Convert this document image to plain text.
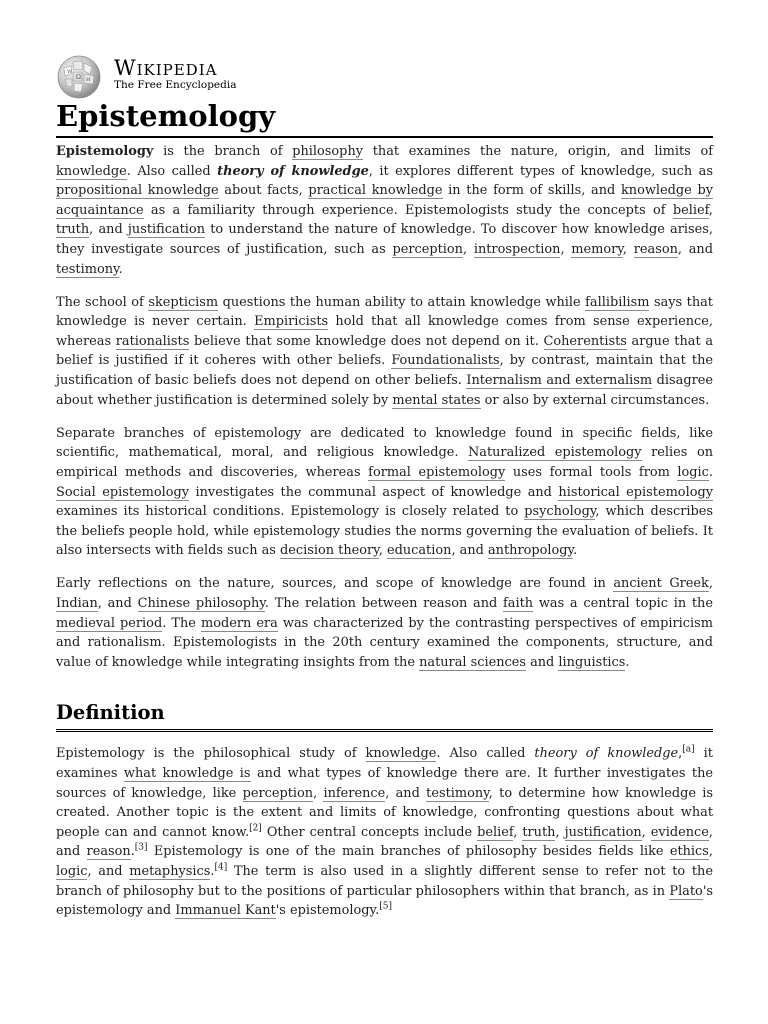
Ω И
W Wikipedia
The Free Encyclopedia
Epistemology

Epistemology is the branch of philosophy that examines the nature, origin, and limits of knowledge. Also called theory of knowledge, it explores different types of knowledge, such as propositional knowledge about facts, practical knowledge in the form of skills, and knowledge by acquaintance as a familiarity through experience. Epistemologists study the concepts of belief, truth, and justification to understand the nature of knowledge. To discover how knowledge arises, they investigate sources of justification, such as perception, introspection, memory, reason, and testimony.

The school of skepticism questions the human ability to attain knowledge while fallibilism says that knowledge is never certain. Empiricists hold that all knowledge comes from sense experience, whereas rationalists believe that some knowledge does not depend on it. Coherentists argue that a belief is justified if it coheres with other beliefs. Foundationalists, by contrast, maintain that the justification of basic beliefs does not depend on other beliefs. Internalism and externalism disagree about whether justification is determined solely by mental states or also by external circumstances.

Separate branches of epistemology are dedicated to knowledge found in specific fields, like scientific, mathematical, moral, and religious knowledge. Naturalized epistemology relies on empirical methods and discoveries, whereas formal epistemology uses formal tools from logic. Social epistemology investigates the communal aspect of knowledge and historical epistemology examines its historical conditions. Epistemology is closely related to psychology, which describes the beliefs people hold, while epistemology studies the norms governing the evaluation of beliefs. It also intersects with fields such as decision theory, education, and anthropology.

Early reflections on the nature, sources, and scope of knowledge are found in ancient Greek, Indian, and Chinese philosophy. The relation between reason and faith was a central topic in the medieval period. The modern era was characterized by the contrasting perspectives of empiricism and rationalism. Epistemologists in the 20th century examined the components, structure, and value of knowledge while integrating insights from the natural sciences and linguistics.

Definition

Epistemology is the philosophical study of knowledge. Also called theory of knowledge,[a] it examines what knowledge is and what types of knowledge there are. It further investigates the sources of knowledge, like perception, inference, and testimony, to determine how knowledge is created. Another topic is the extent and limits of knowledge, confronting questions about what people can and cannot know.[2] Other central concepts include belief, truth, justification, evidence, and reason.[3] Epistemology is one of the main branches of philosophy besides fields like ethics, logic, and metaphysics.[4] The term is also used in a slightly different sense to refer not to the branch of philosophy but to the positions of particular philosophers within that branch, as in Plato's epistemology and Immanuel Kant's epistemology.[5]
